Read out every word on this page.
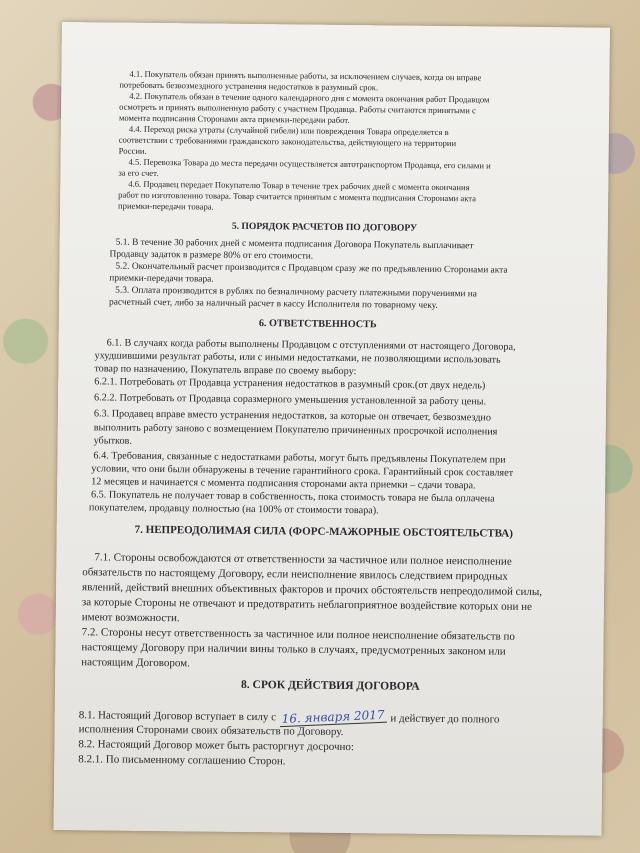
4.1. Покупатель обязан принять выполненные работы, за исключением случаев, когда он вправе
потребовать безвозмездного устранения недостатков в разумный срок.
4.2. Покупатель обязан в течение одного календарного дня с момента окончания работ Продавцом
осмотреть и принять выполненную работу с участием Продавца. Работы считаются принятыми с
момента подписания Сторонами акта приемки-передачи работ.
4.4. Переход риска утраты (случайной гибели) или повреждения Товара определяется в
соответствии с требованиями гражданского законодательства, действующего на территории
России.
4.5. Перевозка Товара до места передачи осуществляется автотранспортом Продавца, его силами и
за его счет.
4.6. Продавец передает Покупателю Товар в течение трех рабочих дней с момента окончания
работ по изготовлению товара. Товар считается принятым с момента подписания Сторонами акта
приемки-передачи товара.
5. ПОРЯДОК РАСЧЕТОВ ПО ДОГОВОРУ
5.1. В течение 30 рабочих дней с момента подписания Договора Покупатель выплачивает
Продавцу задаток в размере 80% от его стоимости.
5.2. Окончательный расчет производится с Продавцом сразу же по предъявлению Сторонами акта
приемки-передачи товара.
5.3. Оплата производится в рублях по безналичному расчету платежными поручениями на
расчетный счет, либо за наличный расчет в кассу Исполнителя по товарному чеку.
6. ОТВЕТСТВЕННОСТЬ
6.1. В случаях когда работы выполнены Продавцом с отступлениями от настоящего Договора,
ухудшившими результат работы, или с иными недостатками, не позволяющими использовать
товар по назначению, Покупатель вправе по своему выбору:
6.2.1. Потребовать от Продавца устранения недостатков в разумный срок.(от двух недель)
6.2.2. Потребовать от Продавца соразмерного уменьшения установленной за работу цены.
6.3. Продавец вправе вместо устранения недостатков, за которые он отвечает, безвозмездно
выполнить работу заново с возмещением Покупателю причиненных просрочкой исполнения
убытков.
6.4. Требования, связанные с недостатками работы, могут быть предъявлены Покупателем при
условии, что они были обнаружены в течение гарантийного срока. Гарантийный срок составляет
12 месяцев и начинается с момента подписания сторонами акта приемки – сдачи товара.
6.5. Покупатель не получает товар в собственность, пока стоимость товара не была оплачена
покупателем, продавцу полностью (на 100% от стоимости товара).
7. НЕПРЕОДОЛИМАЯ СИЛА (ФОРС-МАЖОРНЫЕ ОБСТОЯТЕЛЬСТВА)
7.1. Стороны освобождаются от ответственности за частичное или полное неисполнение
обязательств по настоящему Договору, если неисполнение явилось следствием природных
явлений, действий внешних объективных факторов и прочих обстоятельств непреодолимой силы,
за которые Стороны не отвечают и предотвратить неблагоприятное воздействие которых они не
имеют возможности.
7.2. Стороны несут ответственность за частичное или полное неисполнение обязательств по
настоящему Договору при наличии вины только в случаях, предусмотренных законом или
настоящим Договором.
8. СРОК ДЕЙСТВИЯ ДОГОВОРА
8.1. Настоящий Договор вступает в силу с 16. января 2017 и действует до полного
исполнения Сторонами своих обязательств по Договору.
8.2. Настоящий Договор может быть расторгнут досрочно:
8.2.1. По письменному соглашению Сторон.
